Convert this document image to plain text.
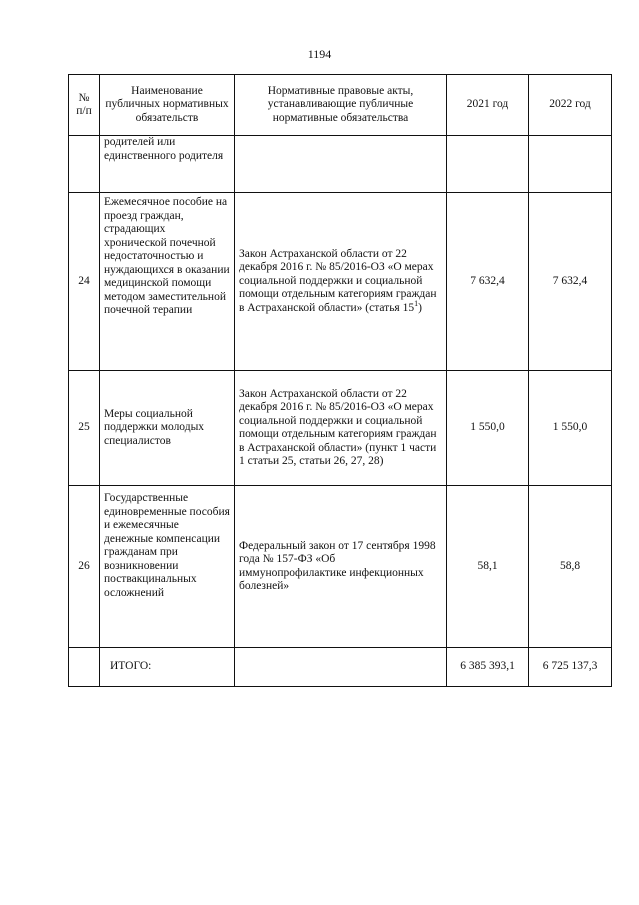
1194
№ п/п	Наименование публичных нормативных обязательств	Нормативные правовые акты, устанавливающие публичные нормативные обязательства	2021 год	2022 год
	родителей или единственного родителя			
24	Ежемесячное пособие на проезд граждан, страдающих хронической почечной недостаточностью и нуждающихся в оказании медицинской помощи методом заместительной почечной терапии	Закон Астраханской области от 22 декабря 2016 г. № 85/2016-ОЗ «О мерах социальной поддержки и социальной помощи отдельным категориям граждан в Астраханской области» (статья $15^1$)	7 632,4	7 632,4
25	Меры социальной поддержки молодых специалистов	Закон Астраханской области от 22 декабря 2016 г. № 85/2016-ОЗ «О мерах социальной поддержки и социальной помощи отдельным категориям граждан в Астраханской области» (пункт 1 части 1 статьи 25, статьи 26, 27, 28)	1 550,0	1 550,0
26	Государственные единовременные пособия и ежемесячные денежные компенсации гражданам при возникновении поствакцинальных осложнений	Федеральный закон от 17 сентября 1998 года № 157-ФЗ «Об иммунопрофилактике инфекционных болезней»	58,1	58,8
	ИТОГО:		6 385 393,1	6 725 137,3
